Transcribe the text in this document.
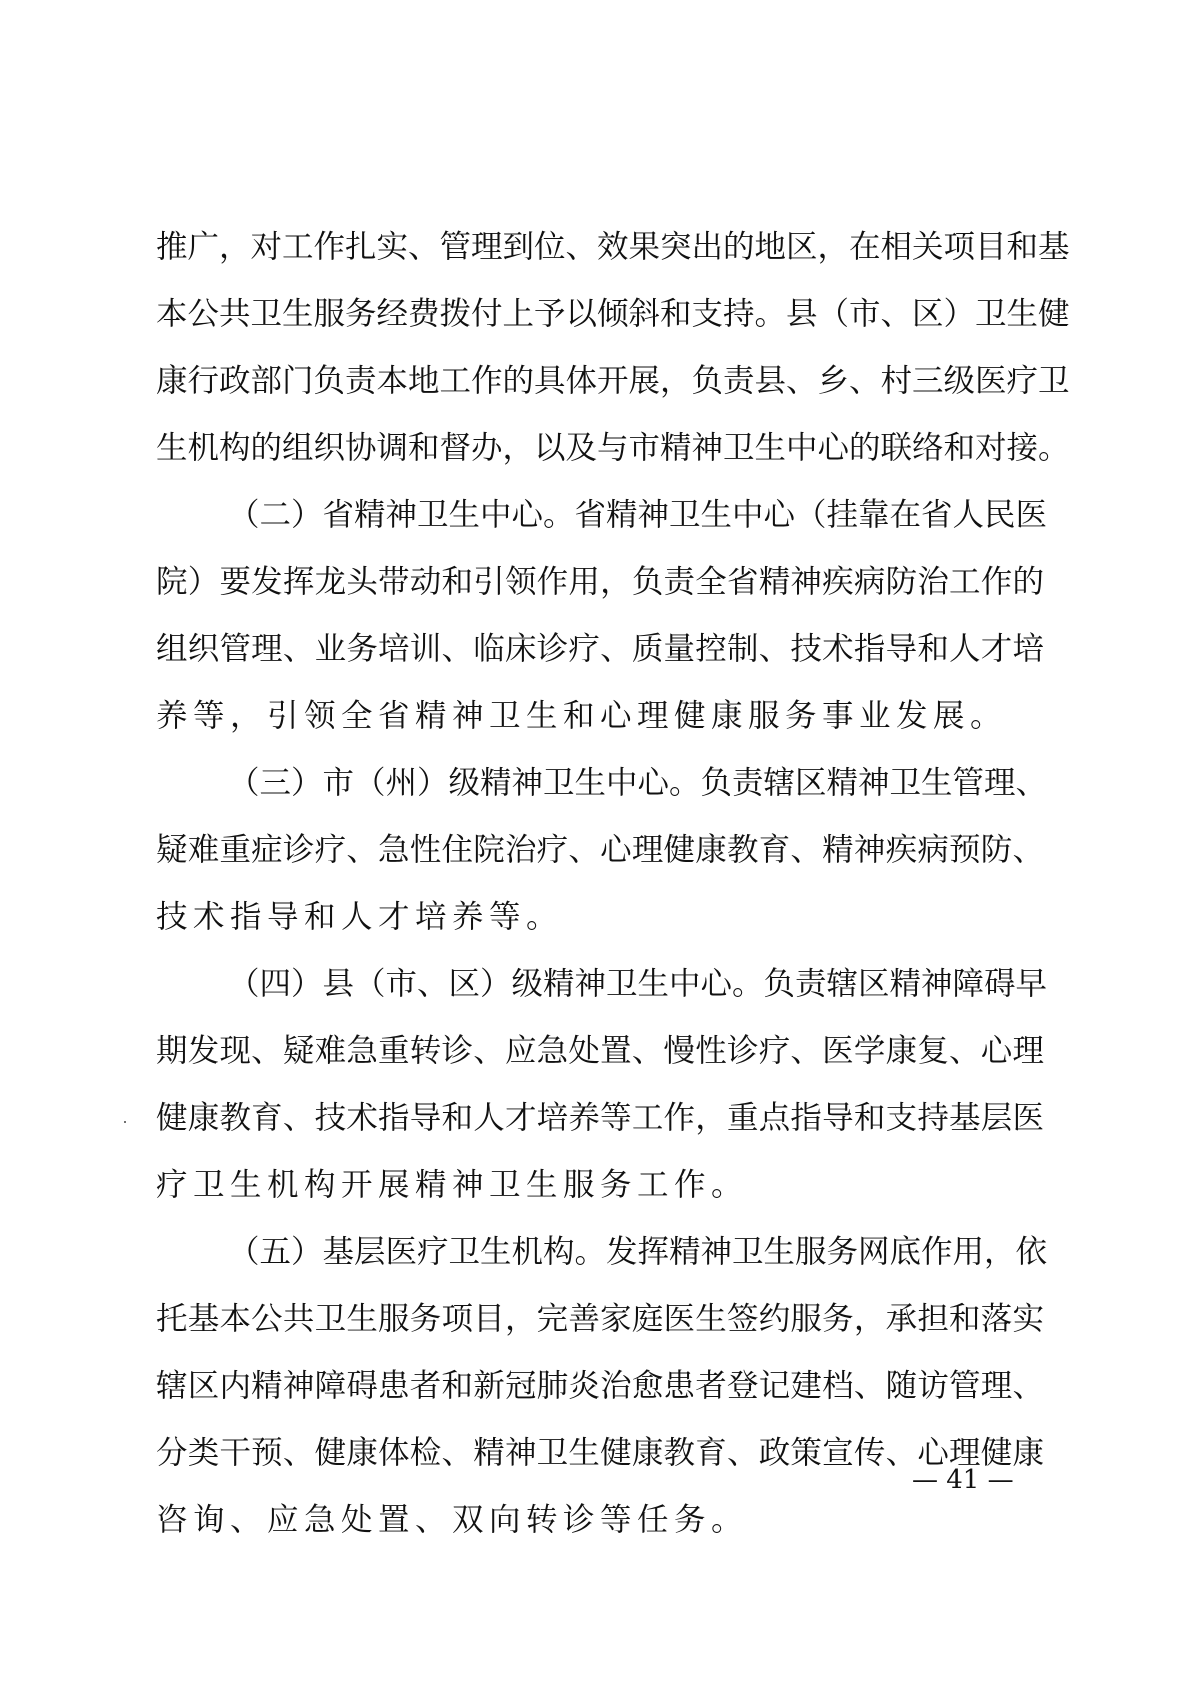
推广，对工作扎实、管理到位、效果突出的地区，在相关项目和基
本公共卫生服务经费拨付上予以倾斜和支持。县（市、区）卫生健
康行政部门负责本地工作的具体开展，负责县、乡、村三级医疗卫
生机构的组织协调和督办，以及与市精神卫生中心的联络和对接。
（二）省精神卫生中心。省精神卫生中心（挂靠在省人民医
院）要发挥龙头带动和引领作用，负责全省精神疾病防治工作的
组织管理、业务培训、临床诊疗、质量控制、技术指导和人才培
养等，引领全省精神卫生和心理健康服务事业发展。
（三）市（州）级精神卫生中心。负责辖区精神卫生管理、
疑难重症诊疗、急性住院治疗、心理健康教育、精神疾病预防、
技术指导和人才培养等。
（四）县（市、区）级精神卫生中心。负责辖区精神障碍早
期发现、疑难急重转诊、应急处置、慢性诊疗、医学康复、心理
健康教育、技术指导和人才培养等工作，重点指导和支持基层医
疗卫生机构开展精神卫生服务工作。
（五）基层医疗卫生机构。发挥精神卫生服务网底作用，依
托基本公共卫生服务项目，完善家庭医生签约服务，承担和落实
辖区内精神障碍患者和新冠肺炎治愈患者登记建档、随访管理、
分类干预、健康体检、精神卫生健康教育、政策宣传、心理健康
咨询、应急处置、双向转诊等任务。
— 41 —
